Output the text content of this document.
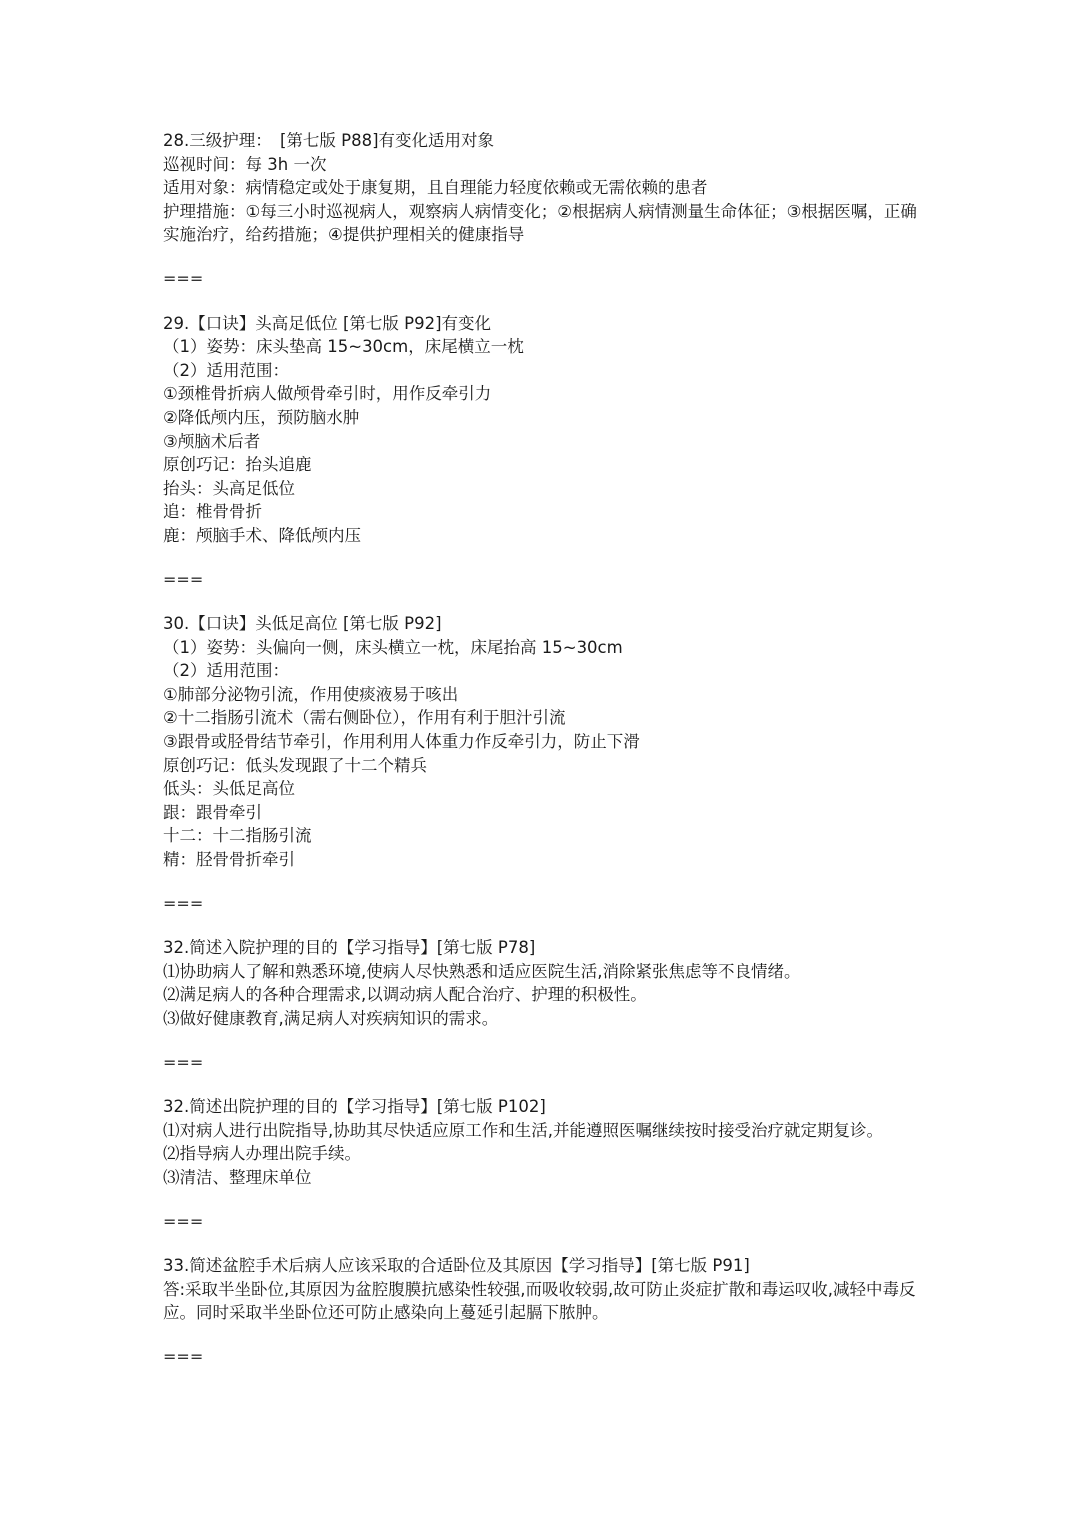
28.三级护理：　[第七版 P88]有变化适用对象

巡视时间：每 3h 一次

适用对象：病情稳定或处于康复期，且自理能力轻度依赖或无需依赖的患者

护理措施：①每三小时巡视病人，观察病人病情变化；②根据病人病情测量生命体征；③根据医嘱，正确实施治疗，给药措施；④提供护理相关的健康指导

===

29.【口诀】头高足低位 [第七版 P92]有变化

（1）姿势：床头垫高 15~30cm，床尾横立一枕

（2）适用范围：

①颈椎骨折病人做颅骨牵引时，用作反牵引力

②降低颅内压，预防脑水肿

③颅脑术后者

原创巧记：抬头追鹿

抬头：头高足低位

追：椎骨骨折

鹿：颅脑手术、降低颅内压

===

30.【口诀】头低足高位 [第七版 P92]

（1）姿势：头偏向一侧，床头横立一枕，床尾抬高 15~30cm

（2）适用范围：

①肺部分泌物引流，作用使痰液易于咳出

②十二指肠引流术（需右侧卧位），作用有利于胆汁引流

③跟骨或胫骨结节牵引，作用利用人体重力作反牵引力，防止下滑

原创巧记：低头发现跟了十二个精兵

低头：头低足高位

跟：跟骨牵引

十二：十二指肠引流

精：胫骨骨折牵引

===

32.简述入院护理的目的【学习指导】[第七版 P78]

⑴协助病人了解和熟悉环境,使病人尽快熟悉和适应医院生活,消除紧张焦虑等不良情绪。

⑵满足病人的各种合理需求,以调动病人配合治疗、护理的积极性。

⑶做好健康教育,满足病人对疾病知识的需求。

===

32.简述出院护理的目的【学习指导】[第七版 P102]

⑴对病人进行出院指导,协助其尽快适应原工作和生活,并能遵照医嘱继续按时接受治疗就定期复诊。

⑵指导病人办理出院手续。

⑶清洁、整理床单位

===

33.简述盆腔手术后病人应该采取的合适卧位及其原因【学习指导】[第七版 P91]

答:采取半坐卧位,其原因为盆腔腹膜抗感染性较强,而吸收较弱,故可防止炎症扩散和毒运叹收,减轻中毒反应。同时采取半坐卧位还可防止感染向上蔓延引起膈下脓肿。

===
